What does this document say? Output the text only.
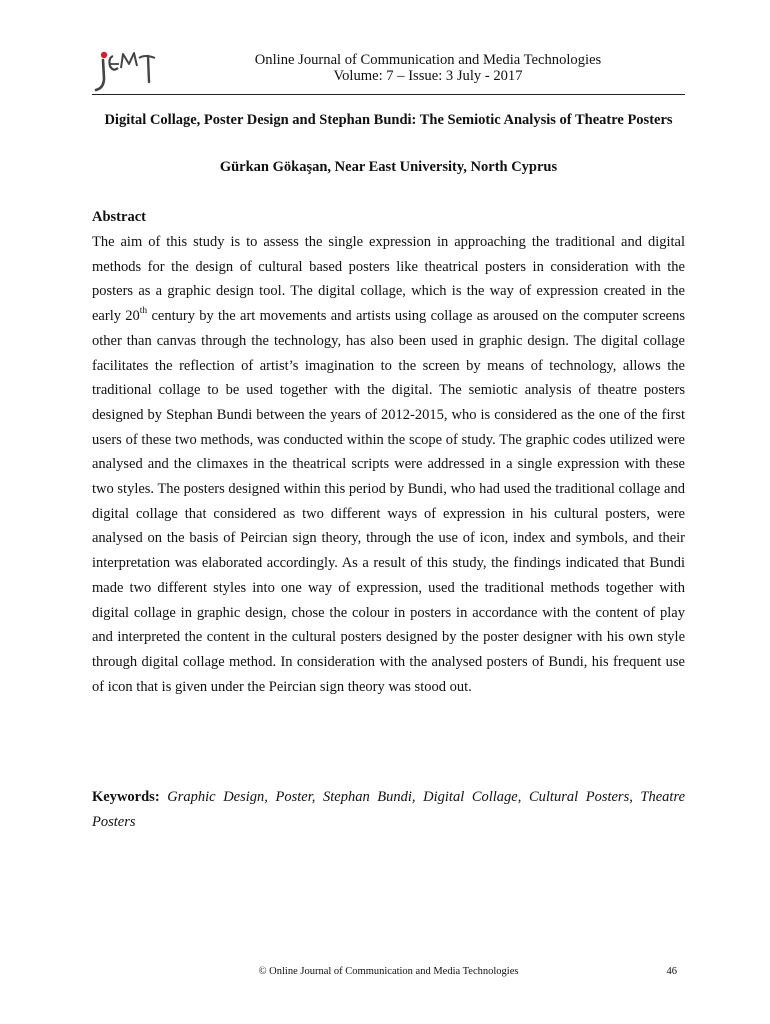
Online Journal of Communication and Media Technologies
Volume: 7 – Issue: 3 July - 2017
Digital Collage, Poster Design and Stephan Bundi: The Semiotic Analysis of Theatre Posters
Gürkan Gökaşan, Near East University, North Cyprus
Abstract
The aim of this study is to assess the single expression in approaching the traditional and digital methods for the design of cultural based posters like theatrical posters in consideration with the posters as a graphic design tool. The digital collage, which is the way of expression created in the early 20th century by the art movements and artists using collage as aroused on the computer screens other than canvas through the technology, has also been used in graphic design. The digital collage facilitates the reflection of artist’s imagination to the screen by means of technology, allows the traditional collage to be used together with the digital. The semiotic analysis of theatre posters designed by Stephan Bundi between the years of 2012-2015, who is considered as the one of the first users of these two methods, was conducted within the scope of study. The graphic codes utilized were analysed and the climaxes in the theatrical scripts were addressed in a single expression with these two styles. The posters designed within this period by Bundi, who had used the traditional collage and digital collage that considered as two different ways of expression in his cultural posters, were analysed on the basis of Peircian sign theory, through the use of icon, index and symbols, and their interpretation was elaborated accordingly. As a result of this study, the findings indicated that Bundi made two different styles into one way of expression, used the traditional methods together with digital collage in graphic design, chose the colour in posters in accordance with the content of play and interpreted the content in the cultural posters designed by the poster designer with his own style through digital collage method. In consideration with the analysed posters of Bundi, his frequent use of icon that is given under the Peircian sign theory was stood out.
Keywords: Graphic Design, Poster, Stephan Bundi, Digital Collage, Cultural Posters, Theatre Posters
© Online Journal of Communication and Media Technologies	46
